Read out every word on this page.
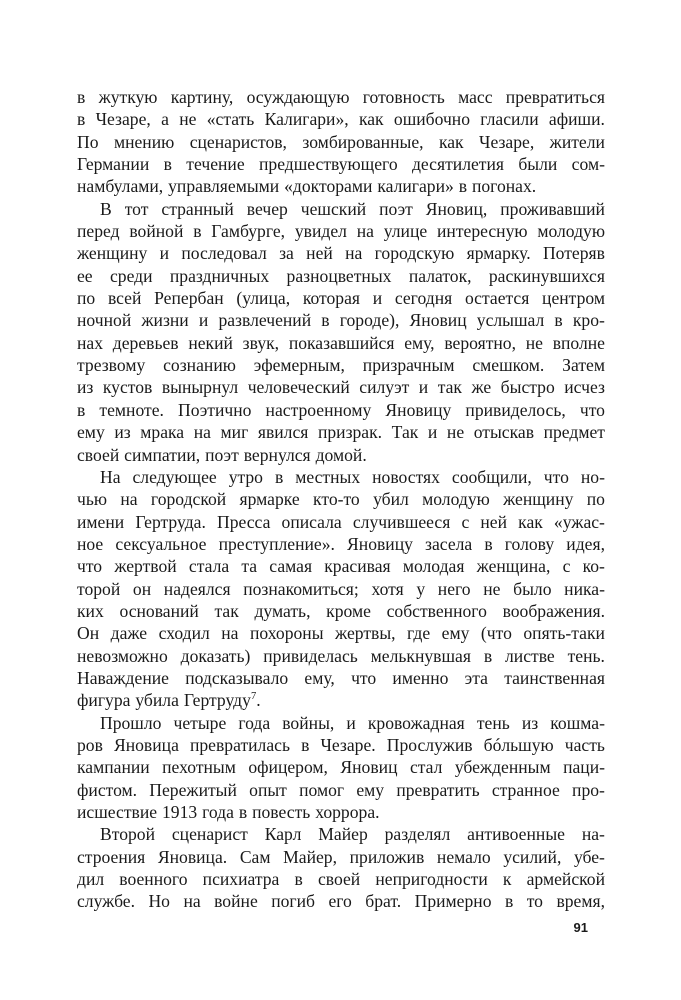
в жуткую картину, осуждающую готовность масс превратиться
в Чезаре, а не «стать Калигари», как ошибочно гласили афиши.
По мнению сценаристов, зомбированные, как Чезаре, жители
Германии в течение предшествующего десятилетия были сом-
намбулами, управляемыми «докторами калигари» в погонах.
В тот странный вечер чешский поэт Яновиц, проживавший
перед войной в Гамбурге, увидел на улице интересную молодую
женщину и последовал за ней на городскую ярмарку. Потеряв
ее среди праздничных разноцветных палаток, раскинувшихся
по всей Репербан (улица, которая и сегодня остается центром
ночной жизни и развлечений в городе), Яновиц услышал в кро-
нах деревьев некий звук, показавшийся ему, вероятно, не вполне
трезвому сознанию эфемерным, призрачным смешком. Затем
из кустов вынырнул человеческий силуэт и так же быстро исчез
в темноте. Поэтично настроенному Яновицу привиделось, что
ему из мрака на миг явился призрак. Так и не отыскав предмет
своей симпатии, поэт вернулся домой.
На следующее утро в местных новостях сообщили, что но-
чью на городской ярмарке кто-то убил молодую женщину по
имени Гертруда. Пресса описала случившееся с ней как «ужас-
ное сексуальное преступление». Яновицу засела в голову идея,
что жертвой стала та самая красивая молодая женщина, с ко-
торой он надеялся познакомиться; хотя у него не было ника-
ких оснований так думать, кроме собственного воображения.
Он даже сходил на похороны жертвы, где ему (что опять-таки
невозможно доказать) привиделась мелькнувшая в листве тень.
Наваждение подсказывало ему, что именно эта таинственная
фигура убила Гертруду$^7$.
Прошло четыре года войны, и кровожадная тень из кошма-
ров Яновица превратилась в Чезаре. Прослужив бóльшую часть
кампании пехотным офицером, Яновиц стал убежденным паци-
фистом. Пережитый опыт помог ему превратить странное про-
исшествие 1913 года в повесть хоррора.
Второй сценарист Карл Майер разделял антивоенные на-
строения Яновица. Сам Майер, приложив немало усилий, убе-
дил военного психиатра в своей непригодности к армейской
службе. Но на войне погиб его брат. Примерно в то время,
91
